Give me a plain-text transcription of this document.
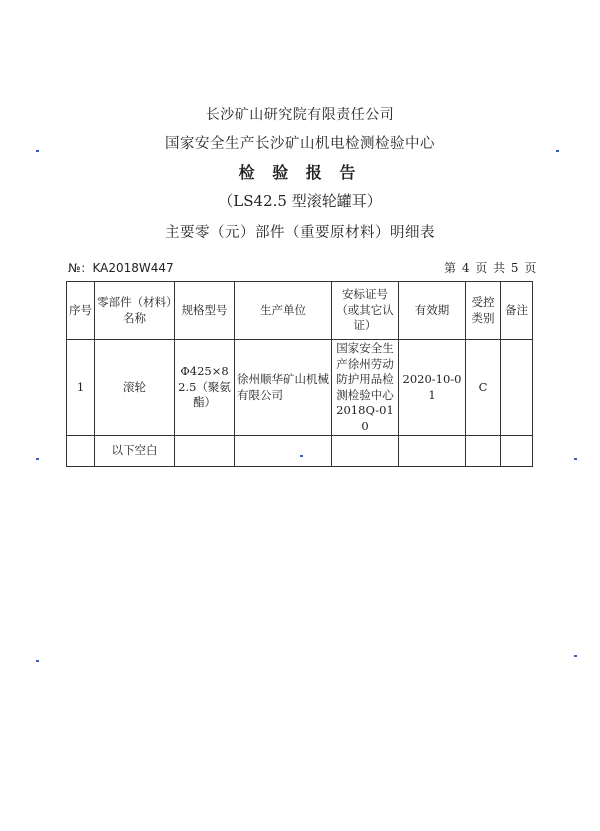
长沙矿山研究院有限责任公司
国家安全生产长沙矿山机电检测检验中心
检 验 报 告
（LS42.5 型滚轮罐耳）
主要零（元）部件（重要原材料）明细表
№：KA2018W447	第 4 页 共 5 页
序号	零部件（材料）名称	规格型号	生产单位	安标证号（或其它认证）	有效期	受控类别	备注
1	滚轮	Φ425×82.5（聚氨酯）	徐州顺华矿山机械有限公司	国家安全生产徐州劳动防护用品检测检验中心2018Q-010	2020-10-01	C	
	以下空白						
